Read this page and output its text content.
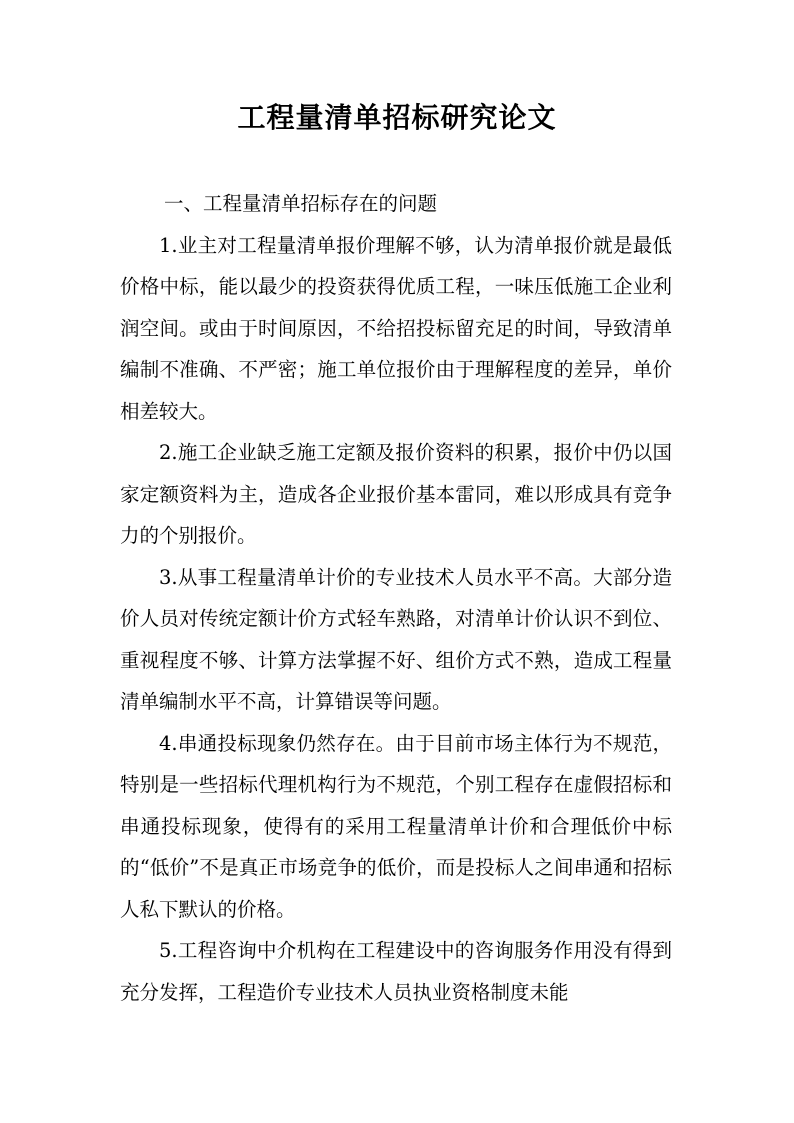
工程量清单招标研究论文

一、工程量清单招标存在的问题

1.业主对工程量清单报价理解不够，认为清单报价就是最低价格中标，能以最少的投资获得优质工程，一味压低施工企业利润空间。或由于时间原因，不给招投标留充足的时间，导致清单编制不准确、不严密；施工单位报价由于理解程度的差异，单价相差较大。

2.施工企业缺乏施工定额及报价资料的积累，报价中仍以国家定额资料为主，造成各企业报价基本雷同，难以形成具有竞争力的个别报价。

3.从事工程量清单计价的专业技术人员水平不高。大部分造价人员对传统定额计价方式轻车熟路，对清单计价认识不到位、重视程度不够、计算方法掌握不好、组价方式不熟，造成工程量清单编制水平不高，计算错误等问题。

4.串通投标现象仍然存在。由于目前市场主体行为不规范，特别是一些招标代理机构行为不规范，个别工程存在虚假招标和串通投标现象，使得有的采用工程量清单计价和合理低价中标的“低价”不是真正市场竞争的低价，而是投标人之间串通和招标人私下默认的价格。

5.工程咨询中介机构在工程建设中的咨询服务作用没有得到充分发挥，工程造价专业技术人员执业资格制度未能
